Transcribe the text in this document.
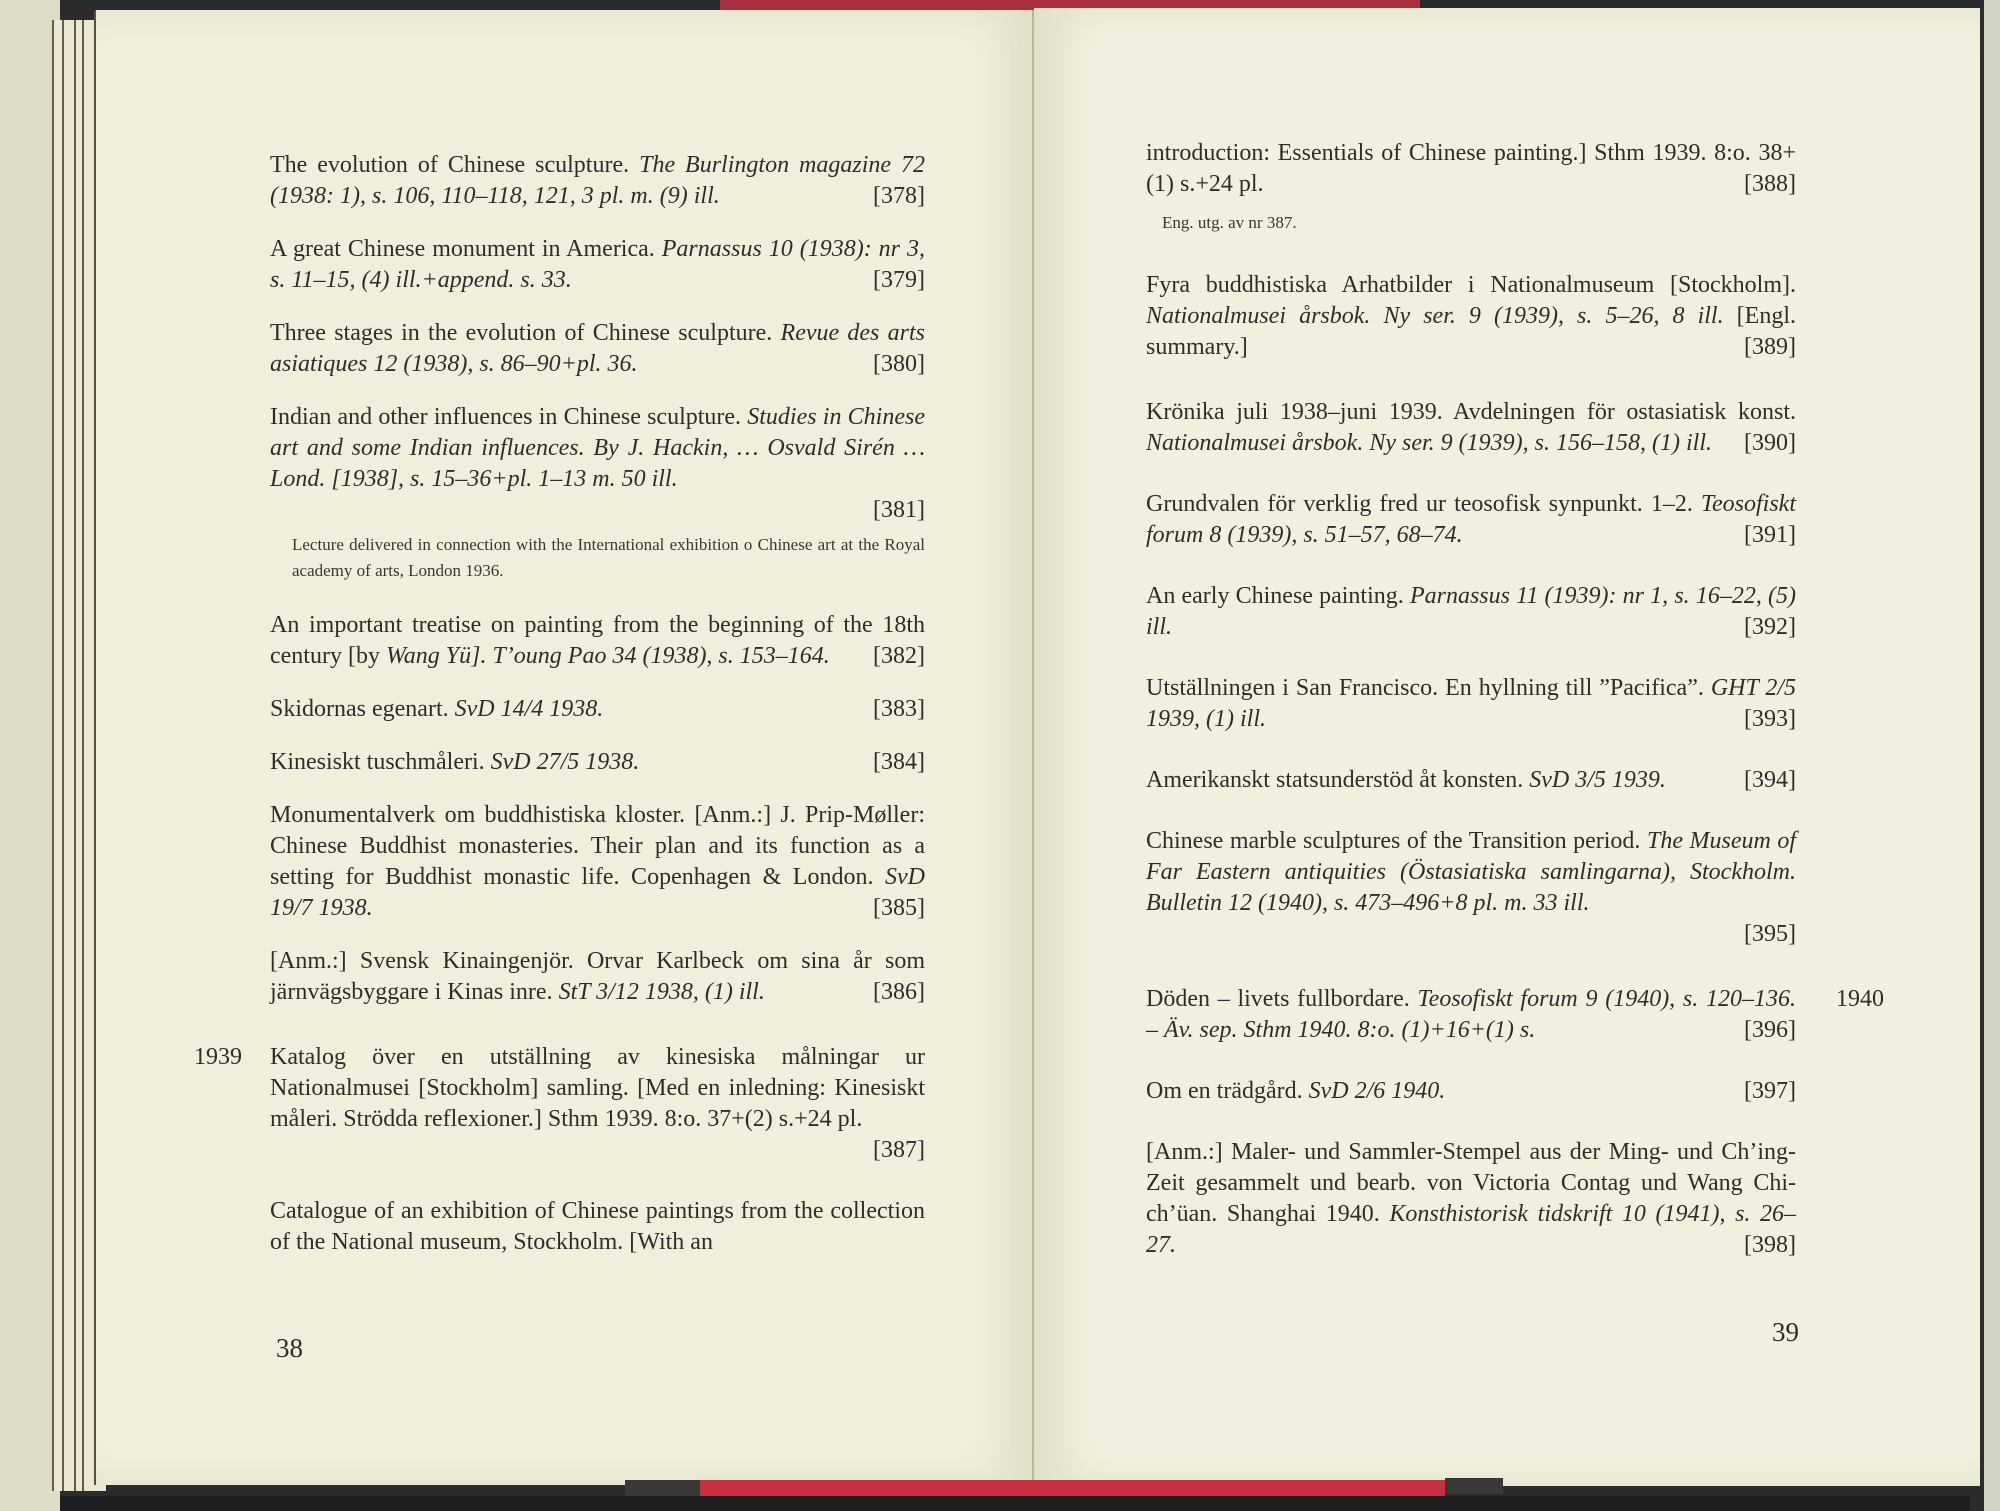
The evolution of Chinese sculpture. The Burlington magazine 72 (1938: 1), s. 106, 110–118, 121, 3 pl. m. (9) ill.	[378]
A great Chinese monument in America. Parnassus 10 (1938): nr 3, s. 11–15, (4) ill.+append. s. 33.	[379]
Three stages in the evolution of Chinese sculpture. Revue des arts asiatiques 12 (1938), s. 86–90+pl. 36.	[380]
Indian and other influences in Chinese sculpture. Studies in Chinese art and some Indian influences. By J. Hackin, … Osvald Sirén … Lond. [1938], s. 15–36+pl. 1–13 m. 50 ill.
[381]
Lecture delivered in connection with the International exhibition o Chinese art at the Royal academy of arts, London 1936.
An important treatise on painting from the beginning of the 18th century [by Wang Yü]. T’oung Pao 34 (1938), s. 153–164. [382]
Skidornas egenart. SvD 14/4 1938.	[383]
Kinesiskt tuschmåleri. SvD 27/5 1938.	[384]
Monumentalverk om buddhistiska kloster. [Anm.:] J. Prip-Møller: Chinese Buddhist monasteries. Their plan and its function as a setting for Buddhist monastic life. Copenhagen & London. SvD 19/7 1938.	[385]
[Anm.:] Svensk Kinaingenjör. Orvar Karlbeck om sina år som järnvägsbyggare i Kinas inre. StT 3/12 1938, (1) ill.	[386]
1939 Katalog över en utställning av kinesiska målningar ur Nationalmusei [Stockholm] samling. [Med en inledning: Kinesiskt måleri. Strödda reflexioner.] Sthm 1939. 8:o. 37+(2) s.+24 pl.
[387]
Catalogue of an exhibition of Chinese paintings from the collection of the National museum, Stockholm. [With an
38
introduction: Essentials of Chinese painting.] Sthm 1939. 8:o. 38+(1) s.+24 pl.	[388]
Eng. utg. av nr 387.
Fyra buddhistiska Arhatbilder i Nationalmuseum [Stockholm]. Nationalmusei årsbok. Ny ser. 9 (1939), s. 5–26, 8 ill. [Engl. summary.]	[389]
Krönika juli 1938–juni 1939. Avdelningen för ostasiatisk konst. Nationalmusei årsbok. Ny ser. 9 (1939), s. 156–158, (1) ill. [390]
Grundvalen för verklig fred ur teosofisk synpunkt. 1–2. Teosofiskt forum 8 (1939), s. 51–57, 68–74.	[391]
An early Chinese painting. Parnassus 11 (1939): nr 1, s. 16–22, (5) ill.	[392]
Utställningen i San Francisco. En hyllning till ”Pacifica”. GHT 2/5 1939, (1) ill.	[393]
Amerikanskt statsunderstöd åt konsten. SvD 3/5 1939.	[394]
Chinese marble sculptures of the Transition period. The Museum of Far Eastern antiquities (Östasiatiska samlingarna), Stockholm. Bulletin 12 (1940), s. 473–496+8 pl. m. 33 ill.
[395]
1940
Döden – livets fullbordare. Teosofiskt forum 9 (1940), s. 120–136. – Äv. sep. Sthm 1940. 8:o. (1)+16+(1) s.	[396]
Om en trädgård. SvD 2/6 1940.	[397]
[Anm.:] Maler- und Sammler-Stempel aus der Ming- und Ch’ing-Zeit gesammelt und bearb. von Victoria Contag und Wang Chi-ch’üan. Shanghai 1940. Konsthistorisk tidskrift 10 (1941), s. 26–27.	[398]
39
